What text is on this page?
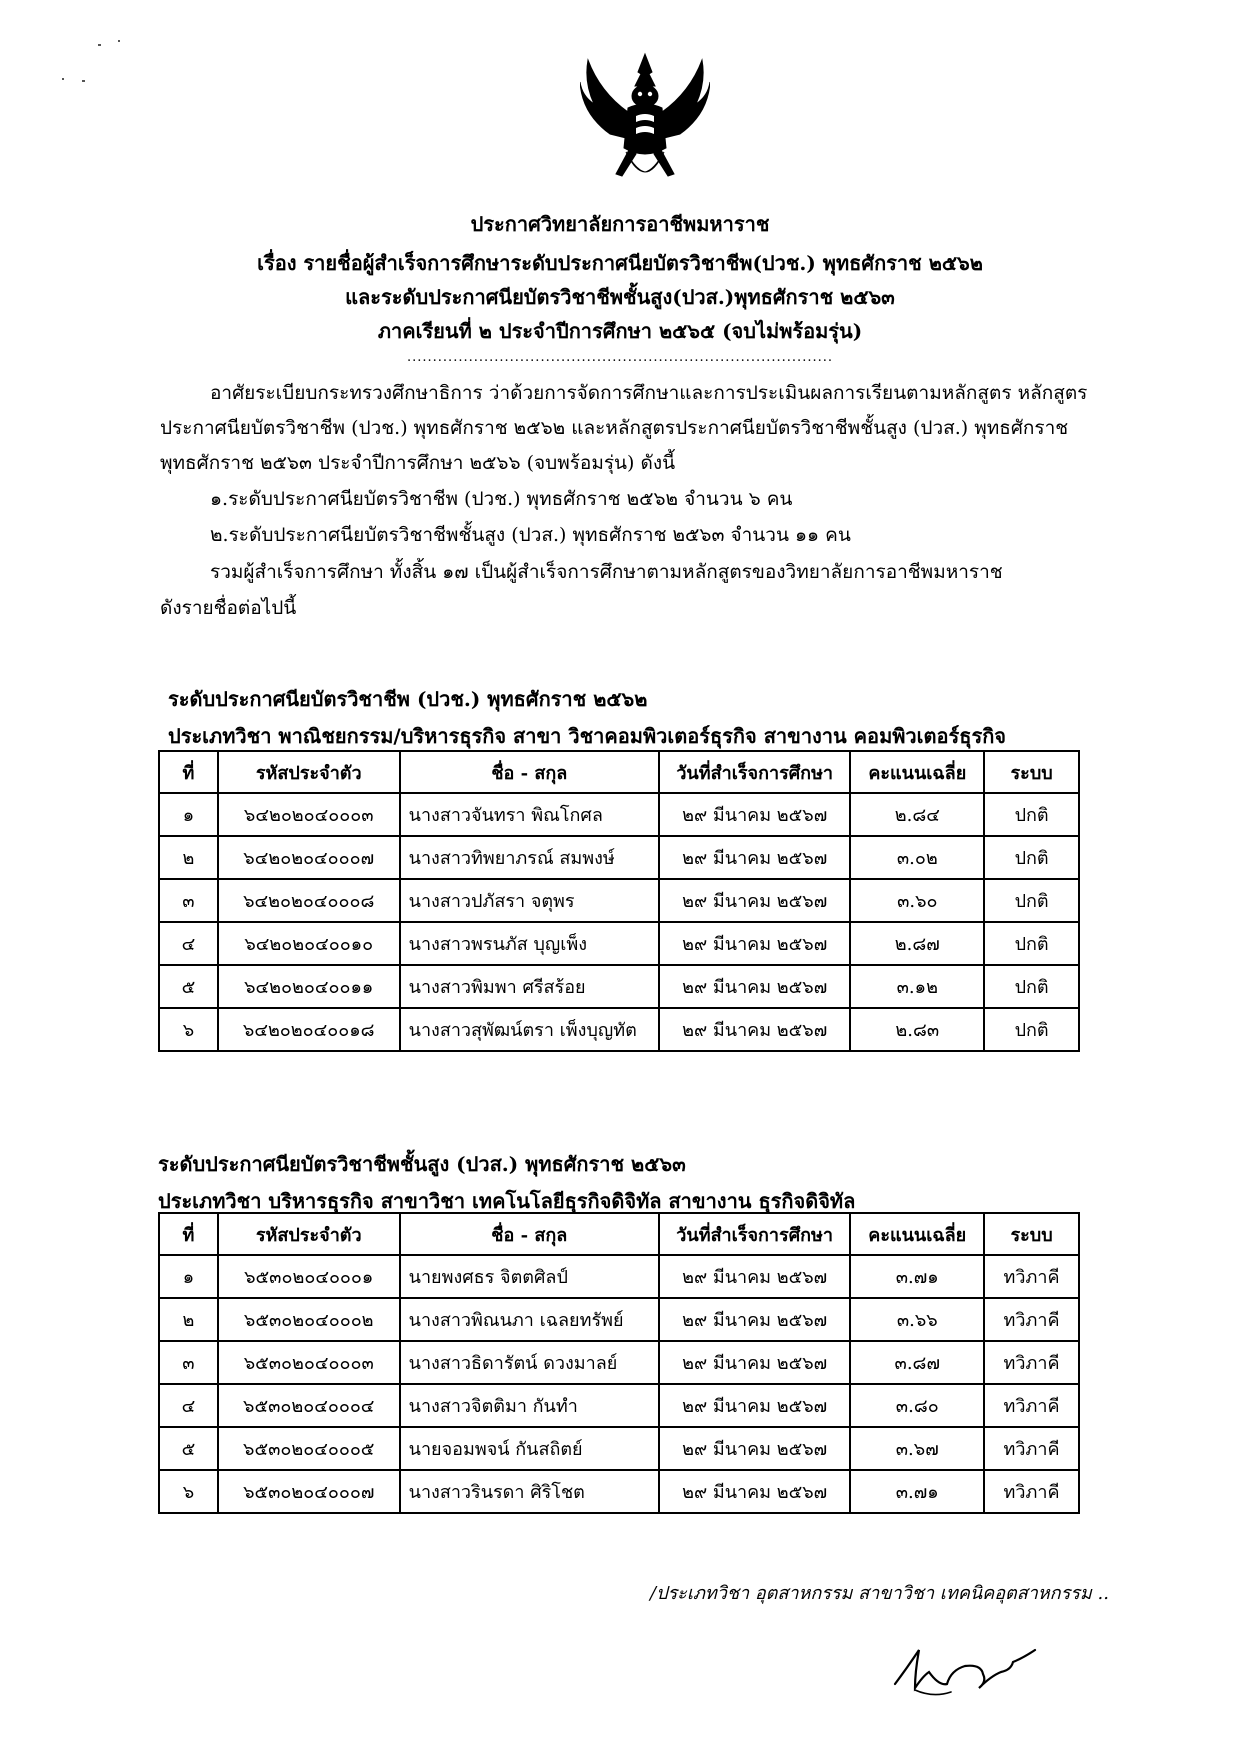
ประกาศวิทยาลัยการอาชีพมหาราช
เรื่อง รายชื่อผู้สำเร็จการศึกษาระดับประกาศนียบัตรวิชาชีพ(ปวช.) พุทธศักราช ๒๕๖๒
และระดับประกาศนียบัตรวิชาชีพชั้นสูง(ปวส.)พุทธศักราช ๒๕๖๓
ภาคเรียนที่ ๒ ประจำปีการศึกษา ๒๕๖๕ (จบไม่พร้อมรุ่น)
...................................................................................
อาศัยระเบียบกระทรวงศึกษาธิการ ว่าด้วยการจัดการศึกษาและการประเมินผลการเรียนตามหลักสูตร หลักสูตร
ประกาศนียบัตรวิชาชีพ (ปวช.) พุทธศักราช ๒๕๖๒ และหลักสูตรประกาศนียบัตรวิชาชีพชั้นสูง (ปวส.) พุทธศักราช
พุทธศักราช ๒๕๖๓ ประจำปีการศึกษา ๒๕๖๖ (จบพร้อมรุ่น) ดังนี้
๑.ระดับประกาศนียบัตรวิชาชีพ (ปวช.) พุทธศักราช ๒๕๖๒ จำนวน ๖ คน
๒.ระดับประกาศนียบัตรวิชาชีพชั้นสูง (ปวส.) พุทธศักราช ๒๕๖๓ จำนวน ๑๑ คน
รวมผู้สำเร็จการศึกษา ทั้งสิ้น ๑๗ เป็นผู้สำเร็จการศึกษาตามหลักสูตรของวิทยาลัยการอาชีพมหาราช
ดังรายชื่อต่อไปนี้
ระดับประกาศนียบัตรวิชาชีพ (ปวช.) พุทธศักราช ๒๕๖๒
ประเภทวิชา พาณิชยกรรม/บริหารธุรกิจ สาขา วิชาคอมพิวเตอร์ธุรกิจ สาขางาน คอมพิวเตอร์ธุรกิจ
ที่	รหัสประจำตัว	ชื่อ - สกุล	วันที่สำเร็จการศึกษา	คะแนนเฉลี่ย	ระบบ
๑	๖๔๒๐๒๐๔๐๐๐๓	นางสาวจันทรา พิณโกศล	๒๙ มีนาคม ๒๕๖๗	๒.๘๔	ปกติ
๒	๖๔๒๐๒๐๔๐๐๐๗	นางสาวทิพยาภรณ์ สมพงษ์	๒๙ มีนาคม ๒๕๖๗	๓.๐๒	ปกติ
๓	๖๔๒๐๒๐๔๐๐๐๘	นางสาวปภัสรา จตุพร	๒๙ มีนาคม ๒๕๖๗	๓.๖๐	ปกติ
๔	๖๔๒๐๒๐๔๐๐๑๐	นางสาวพรนภัส บุญเพ็ง	๒๙ มีนาคม ๒๕๖๗	๒.๘๗	ปกติ
๕	๖๔๒๐๒๐๔๐๐๑๑	นางสาวพิมพา ศรีสร้อย	๒๙ มีนาคม ๒๕๖๗	๓.๑๒	ปกติ
๖	๖๔๒๐๒๐๔๐๐๑๘	นางสาวสุพัฒน์ตรา เพ็งบุญทัต	๒๙ มีนาคม ๒๕๖๗	๒.๘๓	ปกติ
ระดับประกาศนียบัตรวิชาชีพชั้นสูง (ปวส.) พุทธศักราช ๒๕๖๓
ประเภทวิชา บริหารธุรกิจ สาขาวิชา เทคโนโลยีธุรกิจดิจิทัล สาขางาน ธุรกิจดิจิทัล
ที่	รหัสประจำตัว	ชื่อ - สกุล	วันที่สำเร็จการศึกษา	คะแนนเฉลี่ย	ระบบ
๑	๖๕๓๐๒๐๔๐๐๐๑	นายพงศธร จิตตศิลป์	๒๙ มีนาคม ๒๕๖๗	๓.๗๑	ทวิภาคี
๒	๖๕๓๐๒๐๔๐๐๐๒	นางสาวพิณนภา เฉลยทรัพย์	๒๙ มีนาคม ๒๕๖๗	๓.๖๖	ทวิภาคี
๓	๖๕๓๐๒๐๔๐๐๐๓	นางสาวธิดารัตน์ ดวงมาลย์	๒๙ มีนาคม ๒๕๖๗	๓.๘๗	ทวิภาคี
๔	๖๕๓๐๒๐๔๐๐๐๔	นางสาวจิตติมา กันทำ	๒๙ มีนาคม ๒๕๖๗	๓.๘๐	ทวิภาคี
๕	๖๕๓๐๒๐๔๐๐๐๕	นายจอมพจน์ กันสถิตย์	๒๙ มีนาคม ๒๕๖๗	๓.๖๗	ทวิภาคี
๖	๖๕๓๐๒๐๔๐๐๐๗	นางสาวรินรดา ศิริโชต	๒๙ มีนาคม ๒๕๖๗	๓.๗๑	ทวิภาคี
/ประเภทวิชา อุตสาหกรรม สาขาวิชา เทคนิคอุตสาหกรรม ..
